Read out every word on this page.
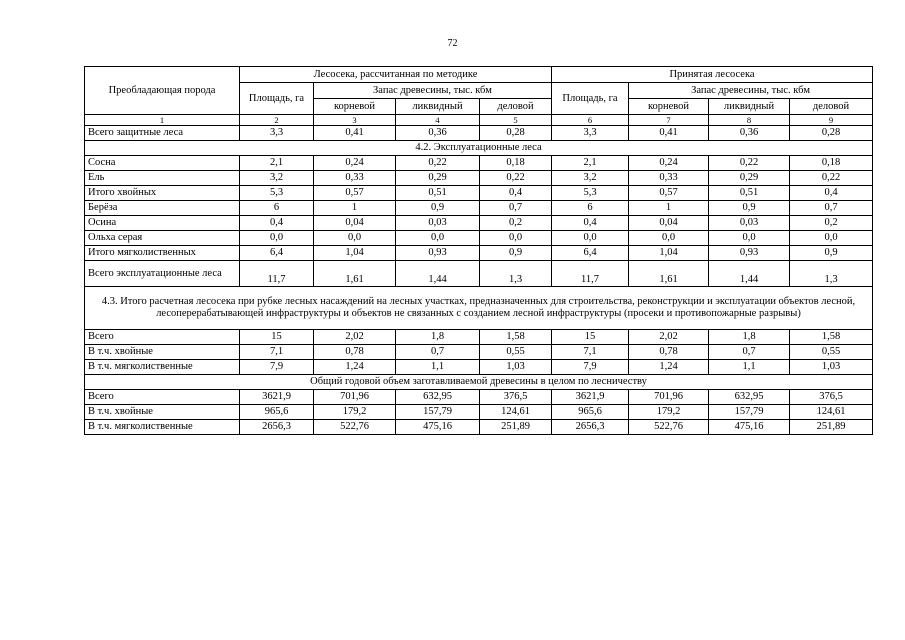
72
Преобладающая порода	Лесосека, рассчитанная по методике				Принятая лесосека			
	Площадь, га	Запас древесины, тыс. кбм			Площадь, га	Запас древесины, тыс. кбм		
		корневой	ликвидный	деловой		корневой	ликвидный	деловой
1	2	3	4	5	6	7	8	9
Всего защитные леса	3,3	0,41	0,36	0,28	3,3	0,41	0,36	0,28
4.2. Эксплуатационные леса								
Сосна	2,1	0,24	0,22	0,18	2,1	0,24	0,22	0,18
Ель	3,2	0,33	0,29	0,22	3,2	0,33	0,29	0,22
Итого хвойных	5,3	0,57	0,51	0,4	5,3	0,57	0,51	0,4
Берёза	6	1	0,9	0,7	6	1	0,9	0,7
Осина	0,4	0,04	0,03	0,2	0,4	0,04	0,03	0,2
Ольха серая	0,0	0,0	0,0	0,0	0,0	0,0	0,0	0,0
Итого мягколиственных	6,4	1,04	0,93	0,9	6,4	1,04	0,93	0,9
Всего эксплуатационные леса	11,7	1,61	1,44	1,3	11,7	1,61	1,44	1,3
4.3. Итого расчетная лесосека при рубке лесных насаждений на лесных участках, предназначенных для строительства, реконструкции и эксплуатации объектов лесной, лесоперерабатывающей инфраструктуры и объектов не связанных с созданием лесной инфраструктуры (просеки и противопожарные разрывы)								
Всего	15	2,02	1,8	1,58	15	2,02	1,8	1,58
В т.ч. хвойные	7,1	0,78	0,7	0,55	7,1	0,78	0,7	0,55
В т.ч. мягколиственные	7,9	1,24	1,1	1,03	7,9	1,24	1,1	1,03
Общий годовой объем заготавливаемой древесины в целом по лесничеству								
Всего	3621,9	701,96	632,95	376,5	3621,9	701,96	632,95	376,5
В т.ч. хвойные	965,6	179,2	157,79	124,61	965,6	179,2	157,79	124,61
В т.ч. мягколиственные	2656,3	522,76	475,16	251,89	2656,3	522,76	475,16	251,89
